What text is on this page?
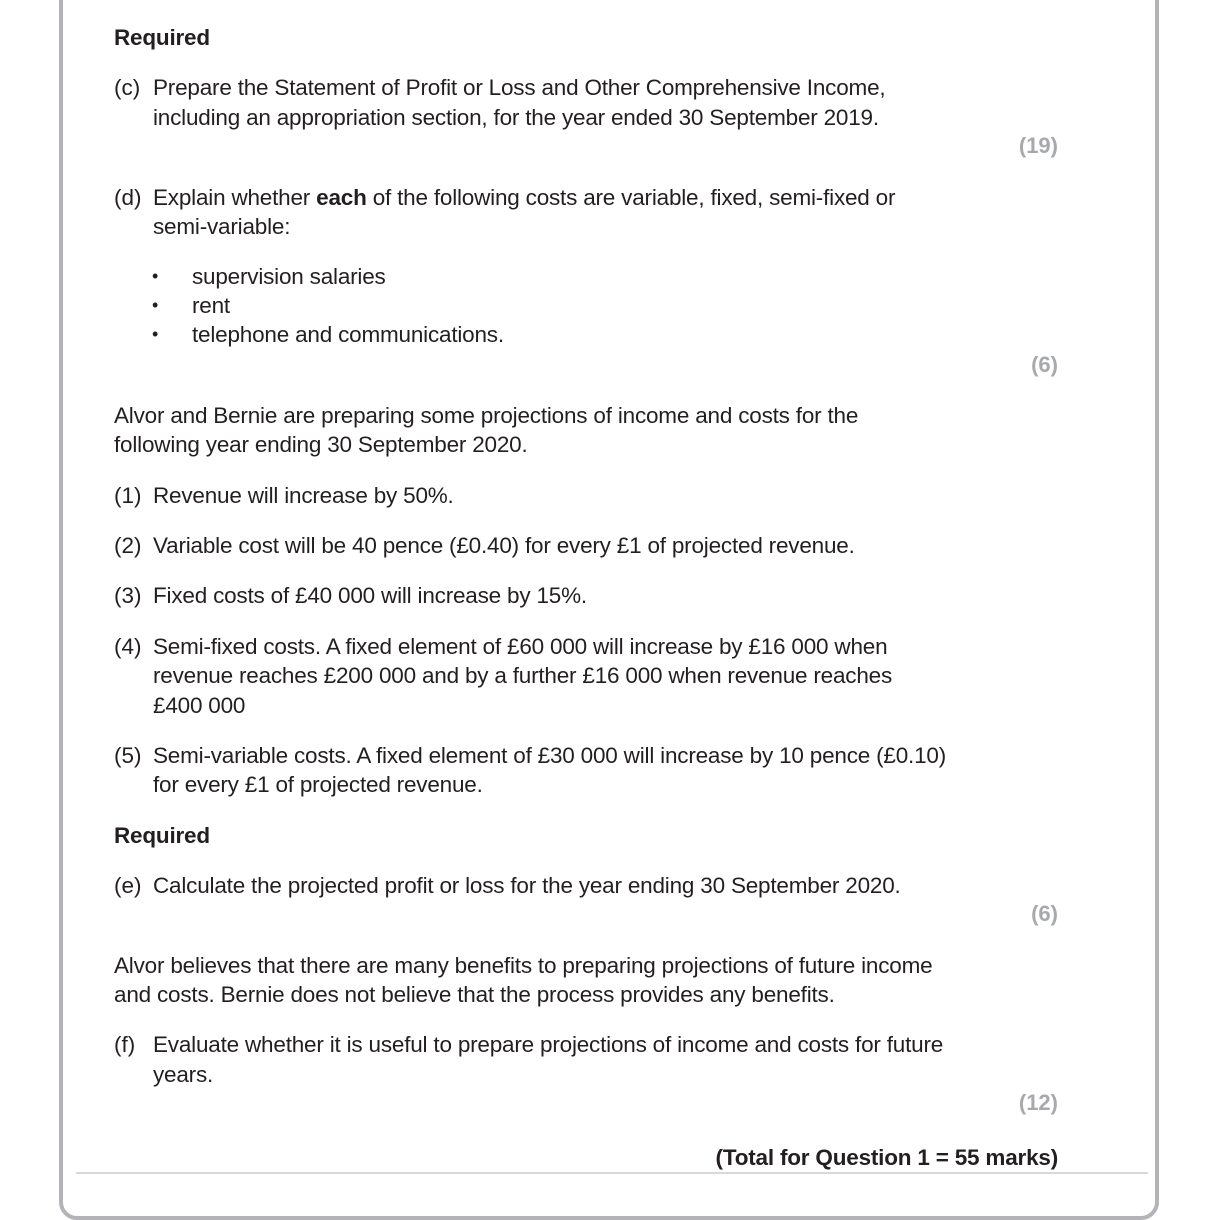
Required
(c) Prepare the Statement of Profit or Loss and Other Comprehensive Income,
including an appropriation section, for the year ended 30 September 2019.
(19)
(d) Explain whether each of the following costs are variable, fixed, semi-fixed or
semi-variable:
• supervision salaries
• rent
• telephone and communications.
(6)
Alvor and Bernie are preparing some projections of income and costs for the
following year ending 30 September 2020.
(1) Revenue will increase by 50%.
(2) Variable cost will be 40 pence (£0.40) for every £1 of projected revenue.
(3) Fixed costs of £40 000 will increase by 15%.
(4) Semi-fixed costs. A fixed element of £60 000 will increase by £16 000 when
revenue reaches £200 000 and by a further £16 000 when revenue reaches
£400 000
(5) Semi-variable costs. A fixed element of £30 000 will increase by 10 pence (£0.10)
for every £1 of projected revenue.
Required
(e) Calculate the projected profit or loss for the year ending 30 September 2020.
(6)
Alvor believes that there are many benefits to preparing projections of future income
and costs. Bernie does not believe that the process provides any benefits.
(f) Evaluate whether it is useful to prepare projections of income and costs for future
years.
(12)
(Total for Question 1 = 55 marks)
